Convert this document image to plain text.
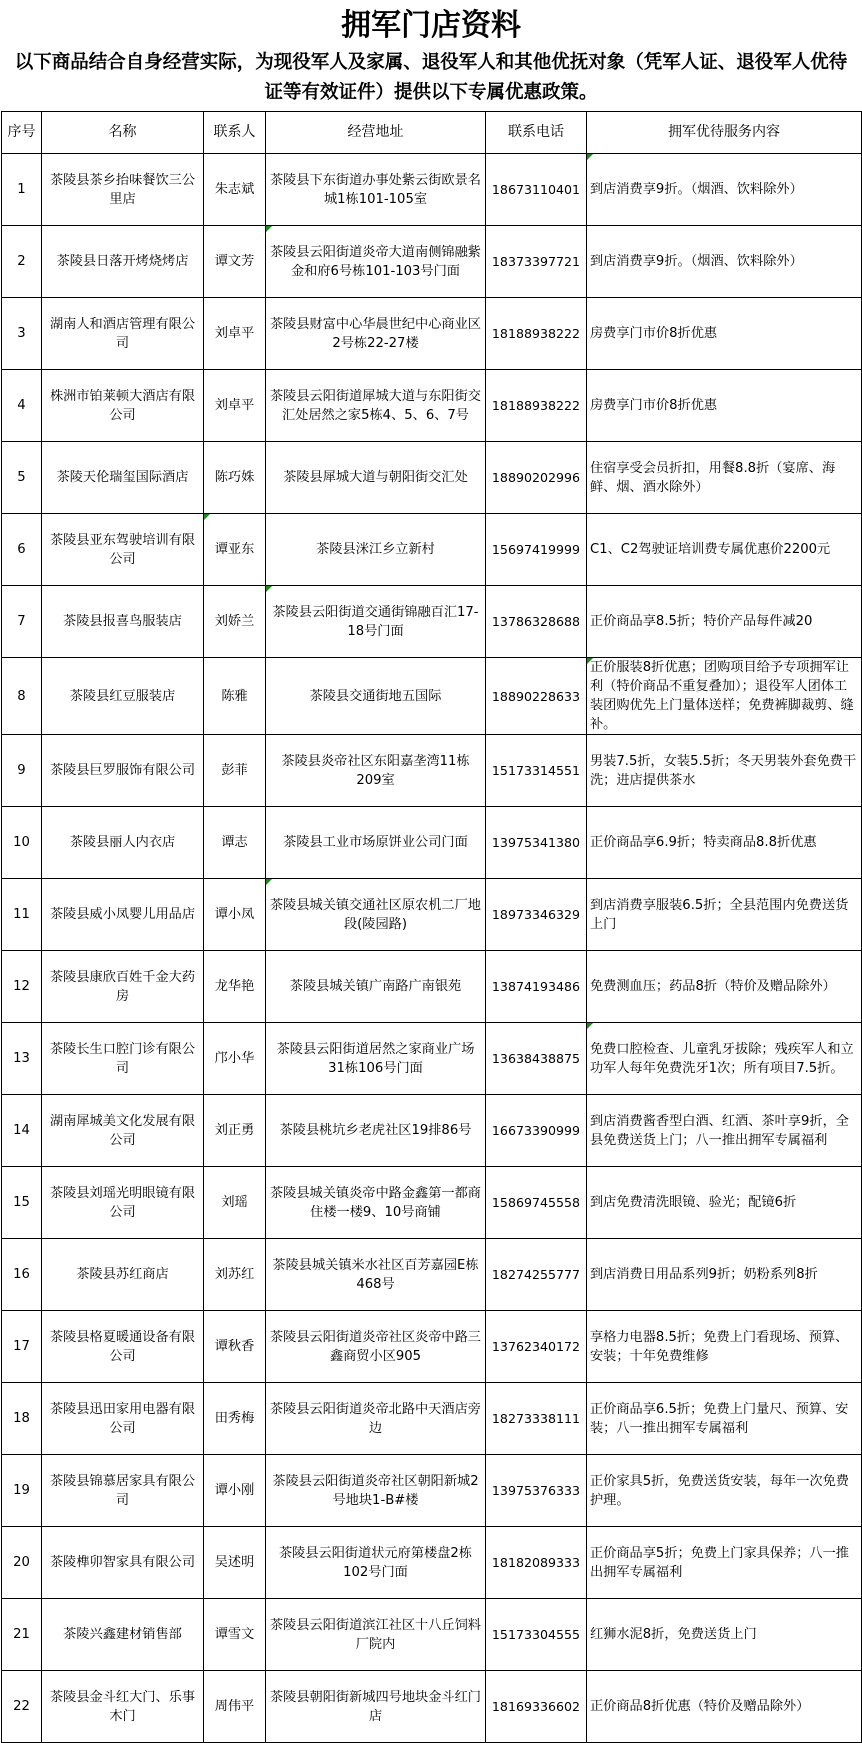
拥军门店资料
以下商品结合自身经营实际，为现役军人及家属、退役军人和其他优抚对象（凭军人证、退役军人优待证等有效证件）提供以下专属优惠政策。
序号	名称	联系人	经营地址	联系电话	拥军优待服务内容
1	茶陵县茶乡抬味餐饮三公里店	朱志斌	茶陵县下东街道办事处紫云街欧景名城1栋101-105室	18673110401	到店消费享9折。（烟酒、饮料除外）
2	茶陵县日落开烤烧烤店	谭文芳	茶陵县云阳街道炎帝大道南侧锦融紫金和府6号栋101-103号门面	18373397721	到店消费享9折。（烟酒、饮料除外）
3	湖南人和酒店管理有限公司	刘卓平	茶陵县财富中心华晨世纪中心商业区2号栋22-27楼	18188938222	房费享门市价8折优惠
4	株洲市铂莱顿大酒店有限公司	刘卓平	茶陵县云阳街道犀城大道与东阳街交汇处居然之家5栋4、5、6、7号	18188938222	房费享门市价8折优惠
5	茶陵天伦瑞玺国际酒店	陈巧姝	茶陵县犀城大道与朝阳街交汇处	18890202996	住宿享受会员折扣，用餐8.8折（宴席、海鲜、烟、酒水除外）
6	茶陵县亚东驾驶培训有限公司	谭亚东	茶陵县洣江乡立新村	15697419999	C1、C2驾驶证培训费专属优惠价2200元
7	茶陵县报喜鸟服装店	刘娇兰	茶陵县云阳街道交通街锦融百汇17-18号门面	13786328688	正价商品享8.5折；特价产品每件减20
8	茶陵县红豆服装店	陈雅	茶陵县交通街地五国际	18890228633	正价服装8折优惠；团购项目给予专项拥军让利（特价商品不重复叠加）；退役军人团体工装团购优先上门量体送样；免费裤脚裁剪、缝补。
9	茶陵县巨罗服饰有限公司	彭菲	茶陵县炎帝社区东阳嘉垄湾11栋209室	15173314551	男装7.5折，女装5.5折；冬天男装外套免费干洗；进店提供茶水
10	茶陵县丽人内衣店	谭志	茶陵县工业市场原饼业公司门面	13975341380	正价商品享6.9折；特卖商品8.8折优惠
11	茶陵县威小凤婴儿用品店	谭小凤	茶陵县城关镇交通社区原农机二厂地段(陵园路)	18973346329	到店消费享服装6.5折；全县范围内免费送货上门
12	茶陵县康欣百姓千金大药房	龙华艳	茶陵县城关镇广南路广南银苑	13874193486	免费测血压；药品8折（特价及赠品除外）
13	茶陵长生口腔门诊有限公司	邝小华	茶陵县云阳街道居然之家商业广场31栋106号门面	13638438875	免费口腔检查、儿童乳牙拔除；残疾军人和立功军人每年免费洗牙1次；所有项目7.5折。
14	湖南犀城美文化发展有限公司	刘正勇	茶陵县桃坑乡老虎社区19排86号	16673390999	到店消费酱香型白酒、红酒、茶叶享9折，全县免费送货上门；八一推出拥军专属福利
15	茶陵县刘瑶光明眼镜有限公司	刘瑶	茶陵县城关镇炎帝中路金鑫第一都商住楼一楼9、10号商铺	15869745558	到店免费清洗眼镜、验光；配镜6折
16	茶陵县苏红商店	刘苏红	茶陵县城关镇米水社区百芳嘉园E栋468号	18274255777	到店消费日用品系列9折；奶粉系列8折
17	茶陵县格夏暖通设备有限公司	谭秋香	茶陵县云阳街道炎帝社区炎帝中路三鑫商贸小区905	13762340172	享格力电器8.5折；免费上门看现场、预算、安装；十年免费维修
18	茶陵县迅田家用电器有限公司	田秀梅	茶陵县云阳街道炎帝北路中天酒店旁边	18273338111	正价商品享6.5折；免费上门量尺、预算、安装；八一推出拥军专属福利
19	茶陵县锦慕居家具有限公司	谭小刚	茶陵县云阳街道炎帝社区朝阳新城2号地块1-B#楼	13975376333	正价家具5折，免费送货安装，每年一次免费护理。
20	茶陵榫卯智家具有限公司	吴述明	茶陵县云阳街道状元府第楼盘2栋102号门面	18182089333	正价商品享5折；免费上门家具保养；八一推出拥军专属福利
21	茶陵兴鑫建材销售部	谭雪文	茶陵县云阳街道滨江社区十八丘饲料厂院内	15173304555	红狮水泥8折，免费送货上门
22	茶陵县金斗红大门、乐事木门	周伟平	茶陵县朝阳街新城四号地块金斗红门店	18169336602	正价商品8折优惠（特价及赠品除外）
